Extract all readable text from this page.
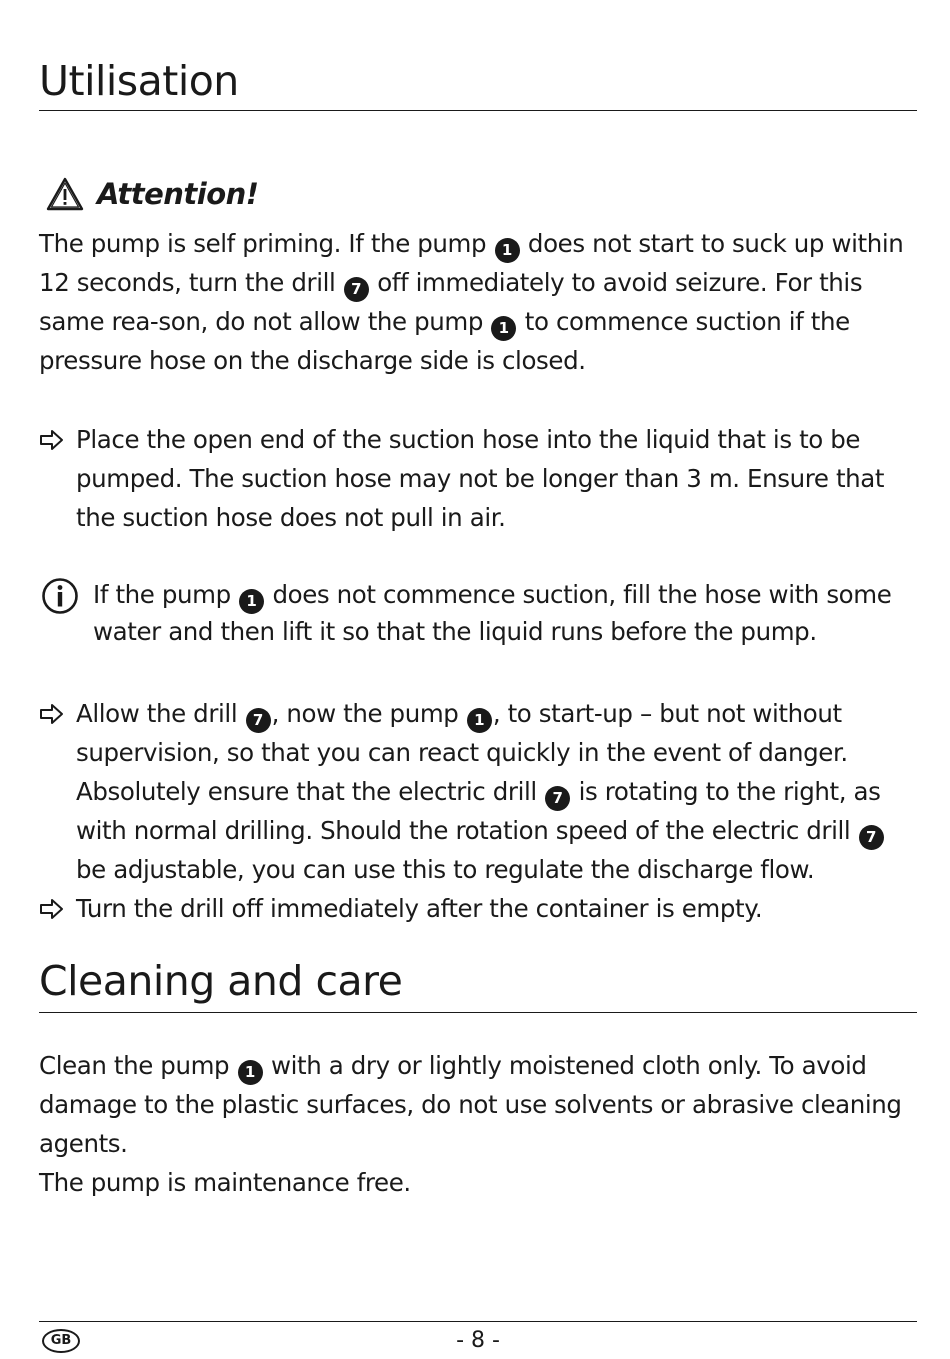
Utilisation
Attention!

The pump is self priming. If the pump 1 does not start to suck up within 12 seconds, turn the drill 7 off immediately to avoid seizure. For this same rea-son, do not allow the pump 1 to commence suction if the pressure hose on the discharge side is closed.

Place the open end of the suction hose into the liquid that is to be pumped. The suction hose may not be longer than 3 m. Ensure that the suction hose does not pull in air.

If the pump 1 does not commence suction, fill the hose with some water and then lift it so that the liquid runs before the pump.

Allow the drill 7 , now the pump 1 , to start-up – but not without supervision, so that you can react quickly in the event of danger. Absolutely ensure that the electric drill 7 is rotating to the right, as with normal drilling. Should the rotation speed of the electric drill 7 be adjustable, you can use this to regulate the discharge flow.

Turn the drill off immediately after the container is empty.

Cleaning and care

Clean the pump 1 with a dry or lightly moistened cloth only. To avoid damage to the plastic surfaces, do not use solvents or abrasive cleaning agents.

The pump is maintenance free.

GB	- 8 -
